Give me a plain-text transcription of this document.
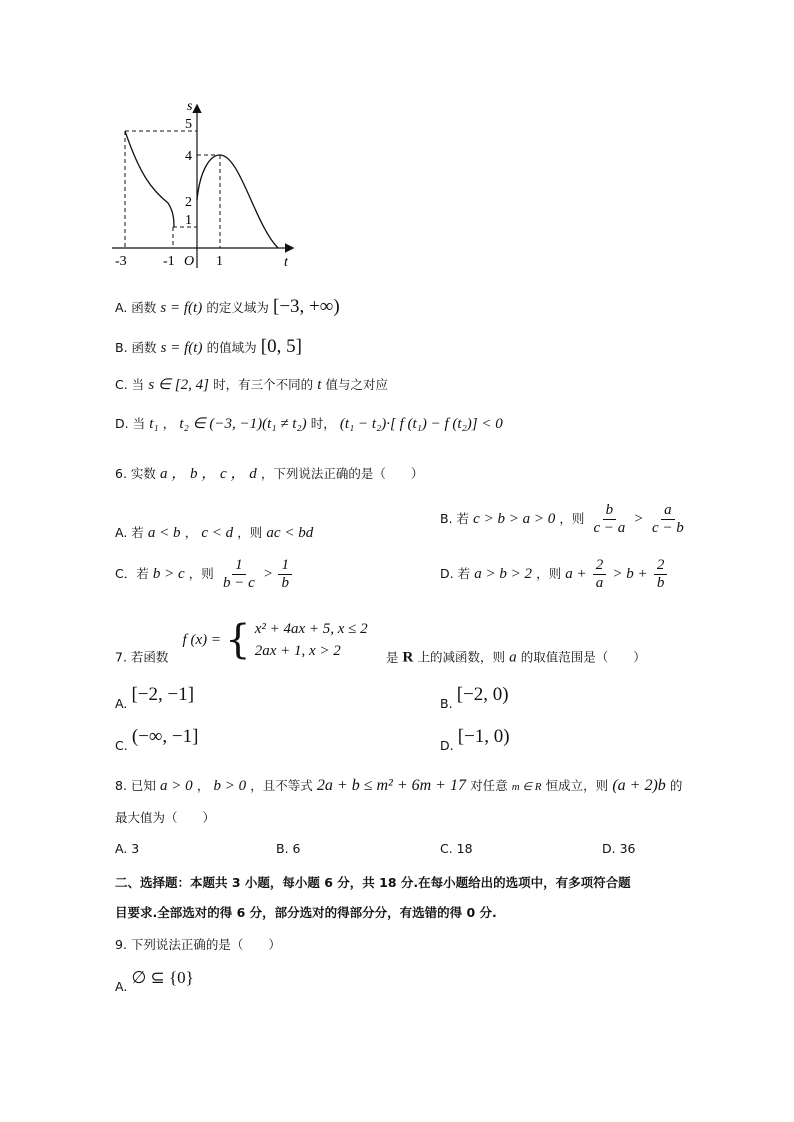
s
t
O
5
4
2
1
-3	-1	1
A. 函数 s = f(t) 的定义域为 [−3, +∞)
B. 函数 s = f(t) 的值域为 [0, 5]
C. 当 s ∈ [2, 4] 时，有三个不同的 t 值与之对应
D. 当 t₁ ， t₂ ∈ (−3, −1)(t₁ ≠ t₂) 时， (t₁ − t₂)·[ f (t₁) − f (t₂)] < 0
6. 实数 a ， b ， c ， d ，下列说法正确的是（　　）
A. 若 a < b ， c < d ，则 ac < bd
B. 若 c > b > a > 0 ，则 $\frac{b}{c - a} > \frac{a}{c - b}$
C．若 b > c ，则 $\frac{1}{b - c} > \frac{1}{b}$	D. 若 a > b > 2 ，则 $a + \frac{2}{a} > b + \frac{2}{b}$
7. 若函数 f (x) = { x² + 4ax + 5, x ≤ 2
2ax + 1, x > 2	是 R 上的减函数，则 a 的取值范围是（　　）
A. [−2, −1]	B. [−2, 0)
C. (−∞, −1]	D. [−1, 0)
8. 已知 a > 0 ， b > 0 ，且不等式 2a + b ≤ m² + 6m + 17 对任意 m ∈ R 恒成立，则 (a + 2)b 的
最大值为（　　）
A. 3	B. 6	C. 18	D. 36
二、选择题：本题共 3 小题，每小题 6 分，共 18 分.在每小题给出的选项中，有多项符合题
目要求.全部选对的得 6 分，部分选对的得部分分，有选错的得 0 分.
9. 下列说法正确的是（　　）
A. ∅ ⊆ {0}
